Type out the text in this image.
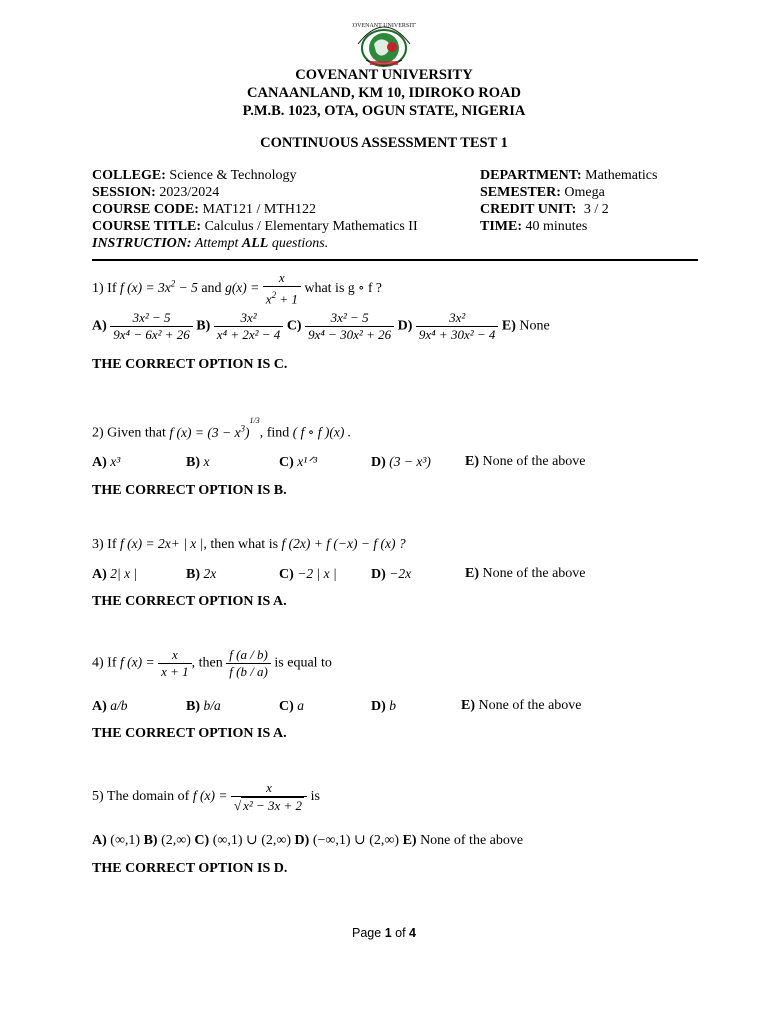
COVENANT UNIVERSITY
COVENANT UNIVERSITY
CANAANLAND, KM 10, IDIROKO ROAD
P.M.B. 1023, OTA, OGUN STATE, NIGERIA
CONTINUOUS ASSESSMENT TEST 1
COLLEGE: Science & Technology
SESSION: 2023/2024
COURSE CODE: MAT121 / MTH122
COURSE TITLE: Calculus / Elementary Mathematics II
INSTRUCTION: Attempt ALL questions.
DEPARTMENT: Mathematics
SEMESTER: Omega
CREDIT UNIT: 3 / 2
TIME: 40 minutes
1) If f $(x) = 3x^2 - 5$ and $g(x) = \frac{x}{x^2 + 1}$ what is g ∘ f ?
$A) \frac{\text{3x² − 5}}{\text{9x⁴ − 6x² + 26}} B) \frac{\text{3x²}}{\text{x⁴ + 2x² − 4}} C) \frac{\text{3x² − 5}}{\text{9x⁴ − 30x² + 26}} D) \frac{\text{3x²}}{\text{9x⁴ + 30x² − 4}} E$) None
THE CORRECT OPTION IS C.
2) Given that f $(x) = (3 - x^3)^{1/3}$, find ( f ∘ f )(x) .
A) x³	B) x	C) x¹ᐟ³	D) (3 − x³) E) None of the above
THE CORRECT OPTION IS B.
3) If f (x) = 2x+ | x |, then what is f (2x) + f (−x) − f (x) ?
A) 2| x |	B) 2x	C) −2 | x | D) −2x	E) None of the above
THE CORRECT OPTION IS A.
4) If f $(x) = \frac{x}{x + 1}$ , then $\frac{f (a / b)}{f (b / a)}$ is equal to
A) a/b	B) b/a	C) a	D) b	E) None of the above
THE CORRECT OPTION IS A.
5) The domain of f $(x) = \frac{x}{\text{√ x² − 3x + 2}}$ is
A) (∞,1) B) (2,∞) C) (∞,1) ∪ (2,∞) D) (−∞,1) ∪ (2,∞) E) None of the above
THE CORRECT OPTION IS D.
Page 1 of 4
